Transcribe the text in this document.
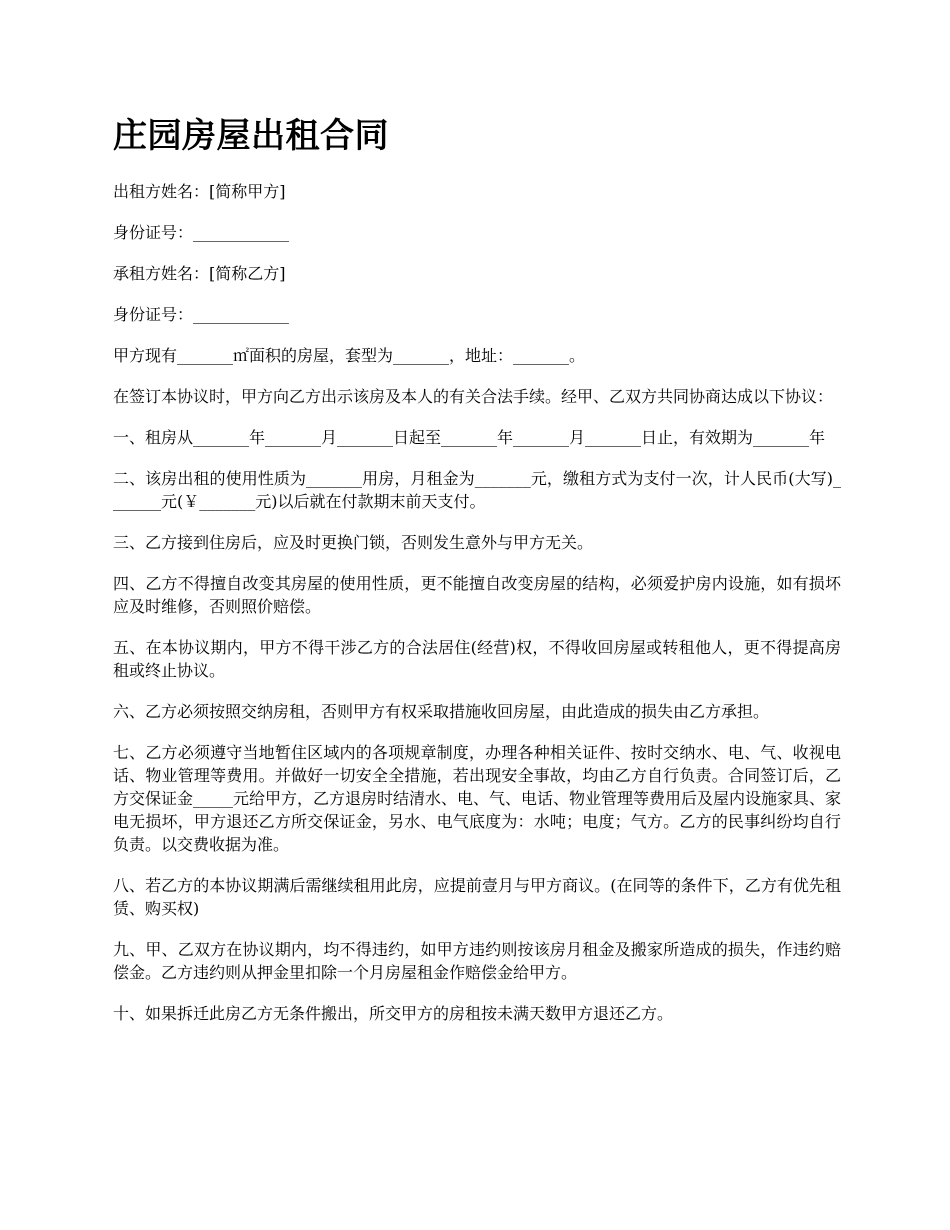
庄园房屋出租合同

出租方姓名：[简称甲方]

身份证号：____________

承租方姓名：[简称乙方]

身份证号：____________

甲方现有_______㎡面积的房屋，套型为_______，地址：_______。

在签订本协议时，甲方向乙方出示该房及本人的有关合法手续。经甲、乙双方共同协商达成以下协议：

一、租房从_______年_______月_______日起至_______年_______月_______日止，有效期为_______年

二、该房出租的使用性质为_______用房，月租金为_______元，缴租方式为支付一次，计人民币(大写)_______元(￥_______元)以后就在付款期末前天支付。

三、乙方接到住房后，应及时更换门锁，否则发生意外与甲方无关。

四、乙方不得擅自改变其房屋的使用性质，更不能擅自改变房屋的结构，必须爱护房内设施，如有损坏应及时维修，否则照价赔偿。

五、在本协议期内，甲方不得干涉乙方的合法居住(经营)权，不得收回房屋或转租他人，更不得提高房租或终止协议。

六、乙方必须按照交纳房租，否则甲方有权采取措施收回房屋，由此造成的损失由乙方承担。

七、乙方必须遵守当地暂住区域内的各项规章制度，办理各种相关证件、按时交纳水、电、气、收视电话、物业管理等费用。并做好一切安全全措施，若出现安全事故，均由乙方自行负责。合同签订后，乙方交保证金_____元给甲方，乙方退房时结清水、电、气、电话、物业管理等费用后及屋内设施家具、家电无损坏，甲方退还乙方所交保证金，另水、电气底度为：水吨；电度；气方。乙方的民事纠纷均自行负责。以交费收据为准。

八、若乙方的本协议期满后需继续租用此房，应提前壹月与甲方商议。(在同等的条件下，乙方有优先租赁、购买权)

九、甲、乙双方在协议期内，均不得违约，如甲方违约则按该房月租金及搬家所造成的损失，作违约赔偿金。乙方违约则从押金里扣除一个月房屋租金作赔偿金给甲方。

十、如果拆迁此房乙方无条件搬出，所交甲方的房租按未满天数甲方退还乙方。
